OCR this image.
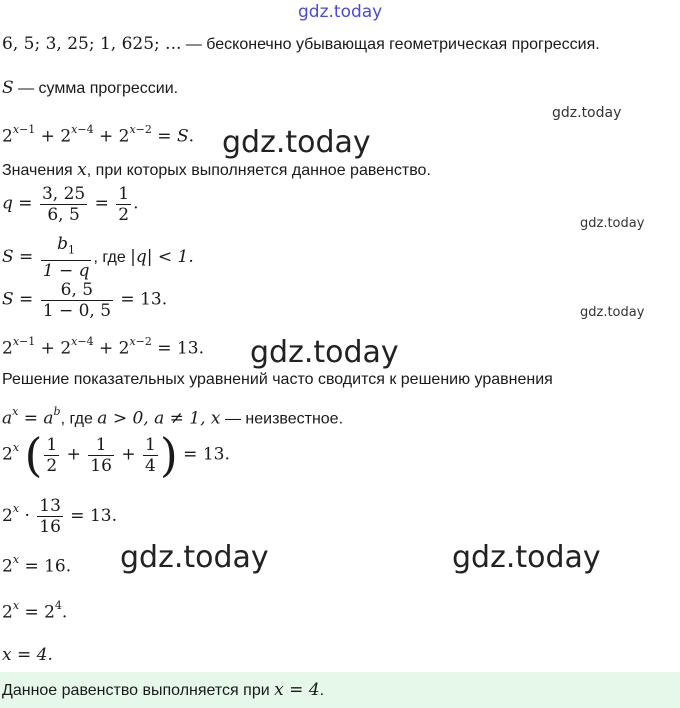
gdz.today
gdz.today
gdz.today
gdz.today
gdz.today
gdz.today
gdz.today	gdz.today
6, 5; 3, 25; 1, 625; ... — бесконечно убывающая геометрическая прогрессия.
S — сумма прогрессии.
$2^{x-1} + 2^{x-4} + 2^{x-2} = S$.
Значения x, при которых выполняется данное равенство.
$q = \frac{3, 25}{6, 5} = \frac{1}{2}$ .
$S = \frac{b_1}{1 - q}$ , где |q| < 1.
$S = \frac{6, 5}{1 - 0, 5} = 13$.
$2^{x-1} + 2^{x-4} + 2^{x-2} = 13$.
Решение показательных уравнений часто сводится к решению уравнения
$a^x = a^b$, где a > 0, a ≠ 1, x — неизвестное.
2$^x$ ( $\frac{1}{2} + \frac{1}{16} + \frac{1}{4}$ ) = 13.
$2^x \cdot \frac{13}{16} = 13$.
$2^x = 16$.
$2^x = 2^4$.
x = 4.
Данное равенство выполняется при x = 4.
